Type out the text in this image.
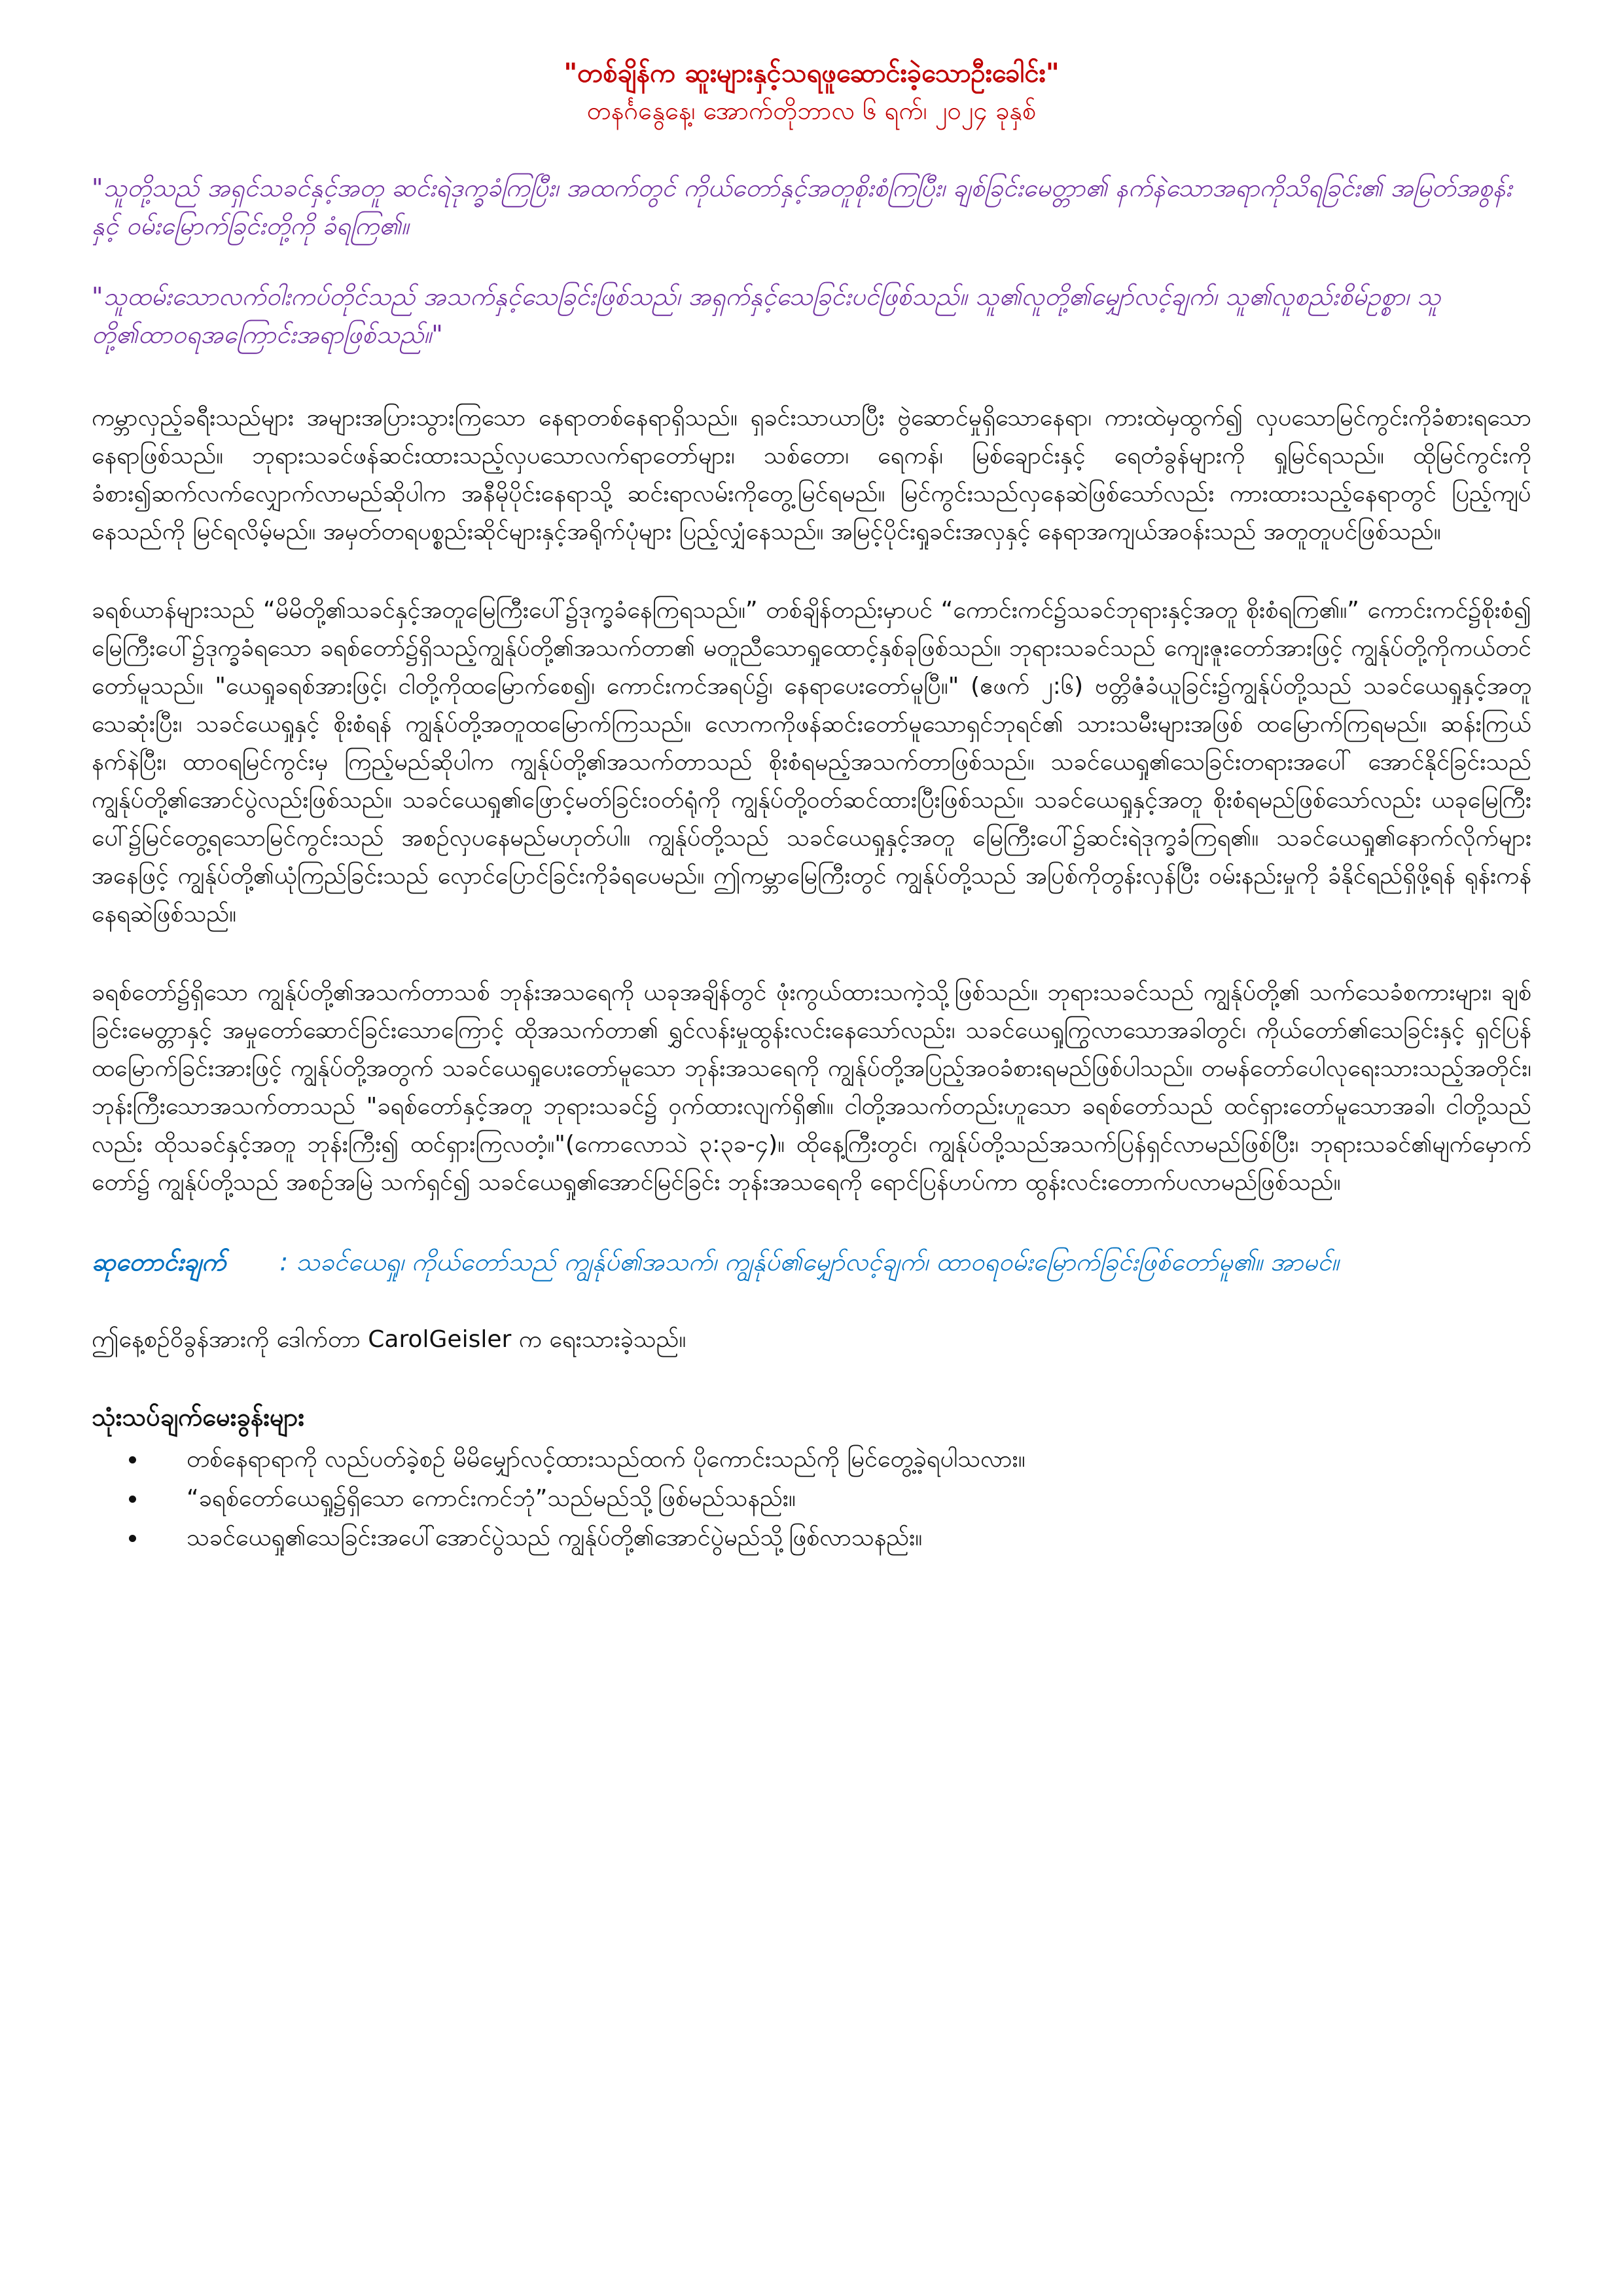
"တစ်ချိန်က ဆူးများနှင့်သရဖူဆောင်းခဲ့သောဦးခေါင်း"

တနင်္ဂနွေနေ့၊ အောက်တိုဘာလ ၆ ရက်၊ ၂၀၂၄ ခုနှစ်

"သူတို့သည် အရှင်သခင်နှင့်အတူ ဆင်းရဲဒုက္ခခံကြပြီး၊ အထက်တွင် ကိုယ်တော်နှင့်အတူစိုးစံကြပြီး၊ ချစ်ခြင်းမေတ္တာ၏ နက်နဲသောအရာကိုသိရခြင်း၏ အမြတ်အစွန်းနှင့် ဝမ်းမြောက်ခြင်းတို့ကို ခံရကြ၏။

"သူထမ်းသောလက်ဝါးကပ်တိုင်သည် အသက်နှင့်သေခြင်းဖြစ်သည်၊ အရှက်နှင့်သေခြင်းပင်ဖြစ်သည်။ သူ၏လူတို့၏မျှော်လင့်ချက်၊ သူ၏လူစည်းစိမ်ဥစ္စာ၊ သူတို့၏ထာဝရအကြောင်းအရာဖြစ်သည်။"

ကမ္ဘာလှည့်ခရီးသည်များ အများအပြားသွားကြသော နေရာတစ်နေရာရှိသည်။ ရှခင်းသာယာပြီး ဗွဲဆောင်မှုရှိသောနေရာ၊ ကားထဲမှထွက်၍ လှပသောမြင်ကွင်းကိုခံစားရသောနေရာဖြစ်သည်။ ဘုရားသခင်ဖန်ဆင်းထားသည့်လှပသောလက်ရာတော်များ၊ သစ်တော၊ ရေကန်၊ မြစ်ချောင်းနှင့် ရေတံခွန်များကို ရှုမြင်ရသည်။ ထိုမြင်ကွင်းကို ခံစား၍ဆက်လက်လျှောက်လာမည်ဆိုပါက အနီမိုပိုင်းနေရာသို့ ဆင်းရာလမ်းကိုတွေ့မြင်ရမည်။ မြင်ကွင်းသည်လှနေဆဲဖြစ်သော်လည်း ကားထားသည့်နေရာတွင် ပြည့်ကျပ်နေသည်ကို မြင်ရလိမ့်မည်။ အမှတ်တရပစ္စည်းဆိုင်များနှင့်အရိုက်ပုံများ ပြည့်လျှံနေသည်။ အမြင့်ပိုင်းရှုခင်းအလှနှင့် နေရာအကျယ်အဝန်းသည် အတူတူပင်ဖြစ်သည်။

ခရစ်ယာန်များသည် “မိမိတို့၏သခင်နှင့်အတူမြေကြီးပေါ်၌ဒုက္ခခံနေကြရသည်။” တစ်ချိန်တည်းမှာပင် “ကောင်းကင်၌သခင်ဘုရားနှင့်အတူ စိုးစံရကြ၏။” ကောင်းကင်၌စိုးစံ၍ မြေကြီးပေါ်၌ဒုက္ခခံရသော ခရစ်တော်၌ရှိသည့်ကျွန်ုပ်တို့၏အသက်တာ၏ မတူညီသောရှုထောင့်နှစ်ခုဖြစ်သည်။ ဘုရားသခင်သည် ကျေးဇူးတော်အားဖြင့် ကျွန်ုပ်တို့ကိုကယ်တင်တော်မူသည်။ "ယေရှုခရစ်အားဖြင့်၊ ငါတို့ကိုထမြောက်စေ၍၊ ကောင်းကင်အရပ်၌၊ နေရာပေးတော်မူပြီ။" (ဧဖက် ၂:၆) ဗတ္တိဇံခံယူခြင်း၌ကျွန်ုပ်တို့သည် သခင်ယေရှုနှင့်အတူသေဆုံးပြီး၊ သခင်ယေရှုနှင့် စိုးစံရန် ကျွန်ုပ်တို့အတူထမြောက်ကြသည်။ လောကကိုဖန်ဆင်းတော်မူသောရှင်ဘုရင်၏ သားသမီးများအဖြစ် ထမြောက်ကြရမည်။ ဆန်းကြယ်နက်နဲပြီး၊ ထာဝရမြင်ကွင်းမှ ကြည့်မည်ဆိုပါက ကျွန်ုပ်တို့၏အသက်တာသည် စိုးစံရမည့်အသက်တာဖြစ်သည်။ သခင်ယေရှု၏သေခြင်းတရားအပေါ် အောင်နိုင်ခြင်းသည် ကျွန်ုပ်တို့၏အောင်ပွဲလည်းဖြစ်သည်။ သခင်ယေရှု၏ဖြောင့်မတ်ခြင်းဝတ်ရုံကို ကျွန်ုပ်တို့ဝတ်ဆင်ထားပြီးဖြစ်သည်။ သခင်ယေရှုနှင့်အတူ စိုးစံရမည်ဖြစ်သော်လည်း ယခုမြေကြီးပေါ်၌မြင်တွေ့ရသောမြင်ကွင်းသည် အစဉ်လှပနေမည်မဟုတ်ပါ။ ကျွန်ုပ်တို့သည် သခင်ယေရှုနှင့်အတူ မြေကြီးပေါ်၌ဆင်းရဲဒုက္ခခံကြရ၏။ သခင်ယေရှု၏နောက်လိုက်များအနေဖြင့် ကျွန်ုပ်တို့၏ယုံကြည်ခြင်းသည် လှောင်ပြောင်ခြင်းကိုခံရပေမည်။ ဤကမ္ဘာမြေကြီးတွင် ကျွန်ုပ်တို့သည် အပြစ်ကိုတွန်းလှန်ပြီး ဝမ်းနည်းမှုကို ခံနိုင်ရည်ရှိဖို့ရန် ရုန်းကန်နေရဆဲဖြစ်သည်။

ခရစ်တော်၌ရှိသော ကျွန်ုပ်တို့၏အသက်တာသစ် ဘုန်းအသရေကို ယခုအချိန်တွင် ဖုံးကွယ်ထားသကဲ့သို့ဖြစ်သည်။ ဘုရားသခင်သည် ကျွန်ုပ်တို့၏ သက်သေခံစကားများ၊ ချစ်ခြင်းမေတ္တာနှင့် အမှုတော်ဆောင်ခြင်းသောကြောင့် ထိုအသက်တာ၏ ရွှင်လန်းမှုထွန်းလင်းနေသော်လည်း၊ သခင်ယေရှုကြွလာသောအခါတွင်၊ ကိုယ်တော်၏သေခြင်းနှင့် ရှင်ပြန်ထမြောက်ခြင်းအားဖြင့် ကျွန်ုပ်တို့အတွက် သခင်ယေရှုပေးတော်မူသော ဘုန်းအသရေကို ကျွန်ုပ်တို့အပြည့်အဝခံစားရမည်ဖြစ်ပါသည်။ တမန်တော်ပေါလုရေးသားသည့်အတိုင်း၊ ဘုန်းကြီးသောအသက်တာသည် "ခရစ်တော်နှင့်အတူ ဘုရားသခင်၌ ဝှက်ထားလျက်ရှိ၏။ ငါတို့အသက်တည်းဟူသော ခရစ်တော်သည် ထင်ရှားတော်မူသောအခါ၊ ငါတို့သည်လည်း ထိုသခင်နှင့်အတူ ဘုန်းကြီး၍ ထင်ရှားကြလတံ့။"(ကောလောသဲ ၃:၃ခ-၄)။ ထိုနေ့ကြီးတွင်၊ ကျွန်ုပ်တို့သည်အသက်ပြန်ရှင်လာမည်ဖြစ်ပြီး၊ ဘုရားသခင်၏မျက်မှောက်တော်၌ ကျွန်ုပ်တို့သည် အစဉ်အမြဲ သက်ရှင်၍ သခင်ယေရှု၏အောင်မြင်ခြင်း ဘုန်းအသရေကို ရောင်ပြန်ဟပ်ကာ ထွန်းလင်းတောက်ပလာမည်ဖြစ်သည်။

ဆုတောင်းချက် : သခင်ယေရှု၊ ကိုယ်တော်သည် ကျွန်ုပ်၏အသက်၊ ကျွန်ုပ်၏မျှော်လင့်ချက်၊ ထာဝရဝမ်းမြောက်ခြင်းဖြစ်တော်မူ၏။ အာမင်။

ဤနေ့စဉ်ဝိခွန်အားကို ဒေါက်တာ CarolGeisler က ရေးသားခဲ့သည်။

သုံးသပ်ချက်မေးခွန်းများ

• တစ်နေရာရာကို လည်ပတ်ခဲ့စဉ် မိမိမျှော်လင့်ထားသည်ထက် ပိုကောင်းသည်ကို မြင်တွေ့ခဲ့ရပါသလား။
• “ခရစ်တော်ယေရှု၌ရှိသော ကောင်းကင်ဘုံ”သည်မည်သို့ဖြစ်မည်သနည်း။
• သခင်ယေရှု၏သေခြင်းအပေါ်အောင်ပွဲသည် ကျွန်ုပ်တို့၏အောင်ပွဲမည်သို့ဖြစ်လာသနည်း။
